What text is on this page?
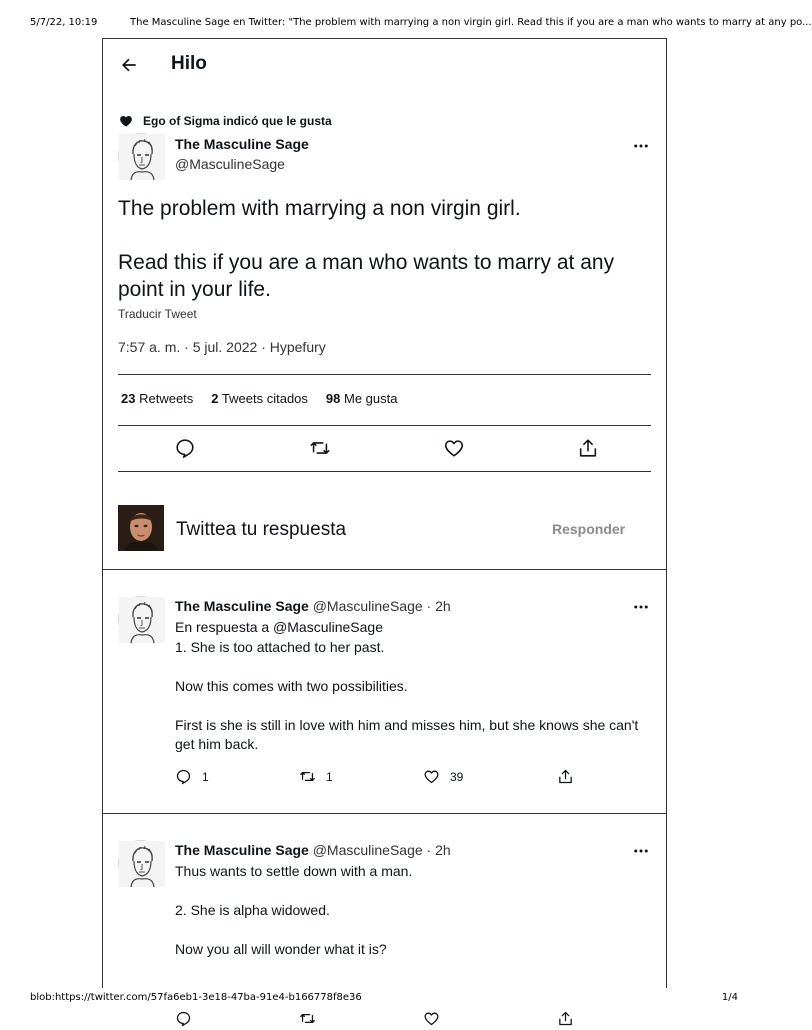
5/7/22, 10:19	The Masculine Sage en Twitter: "The problem with marrying a non virgin girl. Read this if you are a man who wants to marry at any po...
Hilo
Ego of Sigma indicó que le gusta
The Masculine Sage
@MasculineSage

The problem with marrying a non virgin girl.

Read this if you are a man who wants to marry at any point in your life.

Traducir Tweet
7:57 a. m. · 5 jul. 2022 · Hypefury
23 Retweets 2 Tweets citados 98 Me gusta
Twittea tu respuesta	Responder
The Masculine Sage @MasculineSage · 2h
En respuesta a @MasculineSage

1. She is too attached to her past.

Now this comes with two possibilities.

First is she is still in love with him and misses him, but she knows she can't get him back.

1	1	39
The Masculine Sage @MasculineSage · 2h

Thus wants to settle down with a man.

2. She is alpha widowed.

Now you all will wonder what it is?

blob:https://twitter.com/57fa6eb1-3e18-47ba-91e4-b166778f8e36	1/4
